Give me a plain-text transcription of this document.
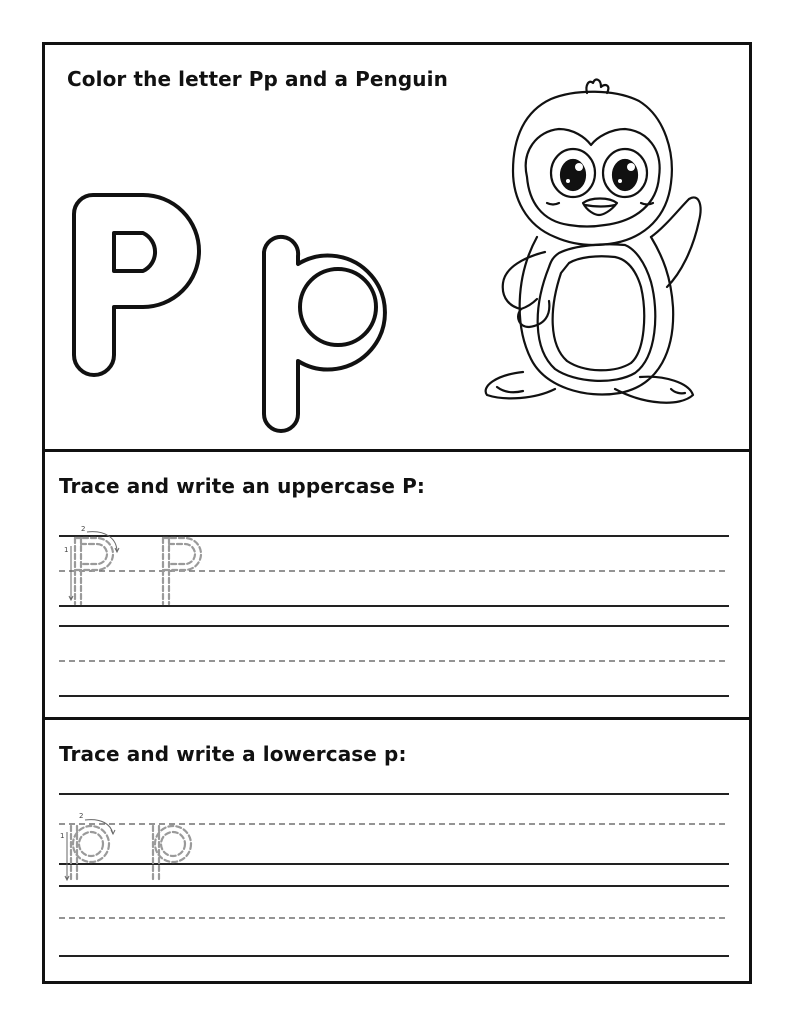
Color the letter Pp and a Penguin
Trace and write an uppercase P:
1
2
Trace and write a lowercase p:
1
2
